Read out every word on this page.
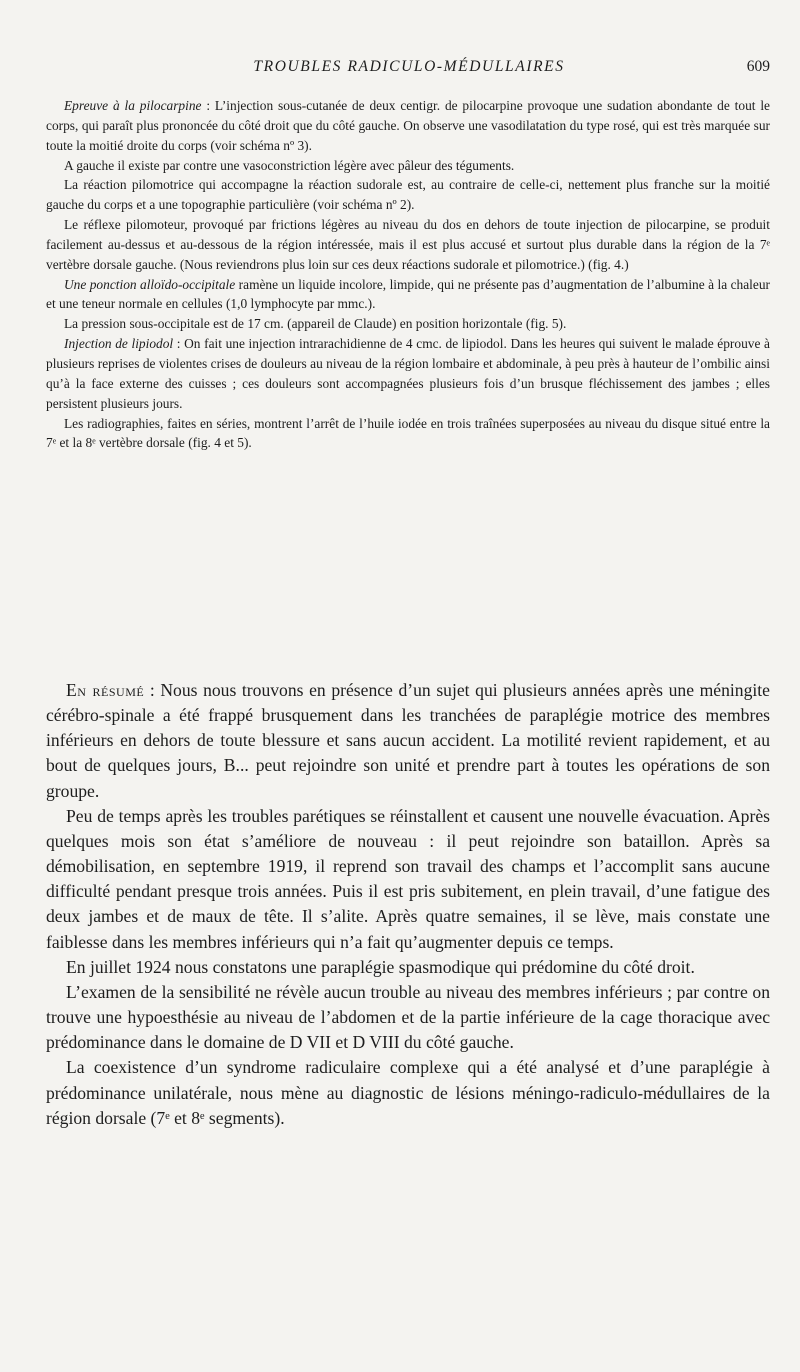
TROUBLES RADICULO-MÉDULLAIRES	609

Epreuve à la pilocarpine : L’injection sous-cutanée de deux centigr. de pilocarpine provoque une sudation abondante de tout le corps, qui paraît plus prononcée du côté droit que du côté gauche. On observe une vasodilatation du type rosé, qui est très marquée sur toute la moitié droite du corps (voir schéma nº 3).

A gauche il existe par contre une vasoconstriction légère avec pâleur des téguments.

La réaction pilomotrice qui accompagne la réaction sudorale est, au contraire de celle-ci, nettement plus franche sur la moitié gauche du corps et a une topographie particulière (voir schéma nº 2).

Le réflexe pilomoteur, provoqué par frictions légères au niveau du dos en dehors de toute injection de pilocarpine, se produit facilement au-dessus et au-dessous de la région intéressée, mais il est plus accusé et surtout plus durable dans la région de la 7ᵉ vertèbre dorsale gauche. (Nous reviendrons plus loin sur ces deux réactions sudorale et pilomotrice.) (fig. 4.)

Une ponction alloïdo-occipitale ramène un liquide incolore, limpide, qui ne présente pas d’augmentation de l’albumine à la chaleur et une teneur normale en cellules (1,0 lymphocyte par mmc.).

La pression sous-occipitale est de 17 cm. (appareil de Claude) en position horizontale (fig. 5).

Injection de lipiodol : On fait une injection intrarachidienne de 4 cmc. de lipiodol. Dans les heures qui suivent le malade éprouve à plusieurs reprises de violentes crises de douleurs au niveau de la région lombaire et abdominale, à peu près à hauteur de l’ombilic ainsi qu’à la face externe des cuisses ; ces douleurs sont accompagnées plusieurs fois d’un brusque fléchissement des jambes ; elles persistent plusieurs jours.

Les radiographies, faites en séries, montrent l’arrêt de l’huile iodée en trois traînées superposées au niveau du disque situé entre la 7ᵉ et la 8ᵉ vertèbre dorsale (fig. 4 et 5).

En résumé : Nous nous trouvons en présence d’un sujet qui plusieurs années après une méningite cérébro-spinale a été frappé brusquement dans les tranchées de paraplégie motrice des membres inférieurs en dehors de toute blessure et sans aucun accident. La motilité revient rapidement, et au bout de quelques jours, B... peut rejoindre son unité et prendre part à toutes les opérations de son groupe.

Peu de temps après les troubles parétiques se réinstallent et causent une nouvelle évacuation. Après quelques mois son état s’améliore de nouveau : il peut rejoindre son bataillon. Après sa démobilisation, en septembre 1919, il reprend son travail des champs et l’accomplit sans aucune difficulté pendant presque trois années. Puis il est pris subitement, en plein travail, d’une fatigue des deux jambes et de maux de tête. Il s’alite. Après quatre semaines, il se lève, mais constate une faiblesse dans les membres inférieurs qui n’a fait qu’augmenter depuis ce temps.

En juillet 1924 nous constatons une paraplégie spasmodique qui prédomine du côté droit.

L’examen de la sensibilité ne révèle aucun trouble au niveau des membres inférieurs ; par contre on trouve une hypoesthésie au niveau de l’abdomen et de la partie inférieure de la cage thoracique avec prédominance dans le domaine de D VII et D VIII du côté gauche.

La coexistence d’un syndrome radiculaire complexe qui a été analysé et d’une paraplégie à prédominance unilatérale, nous mène au diagnostic de lésions méningo-radiculo-médullaires de la région dorsale (7ᵉ et 8ᵉ segments).
